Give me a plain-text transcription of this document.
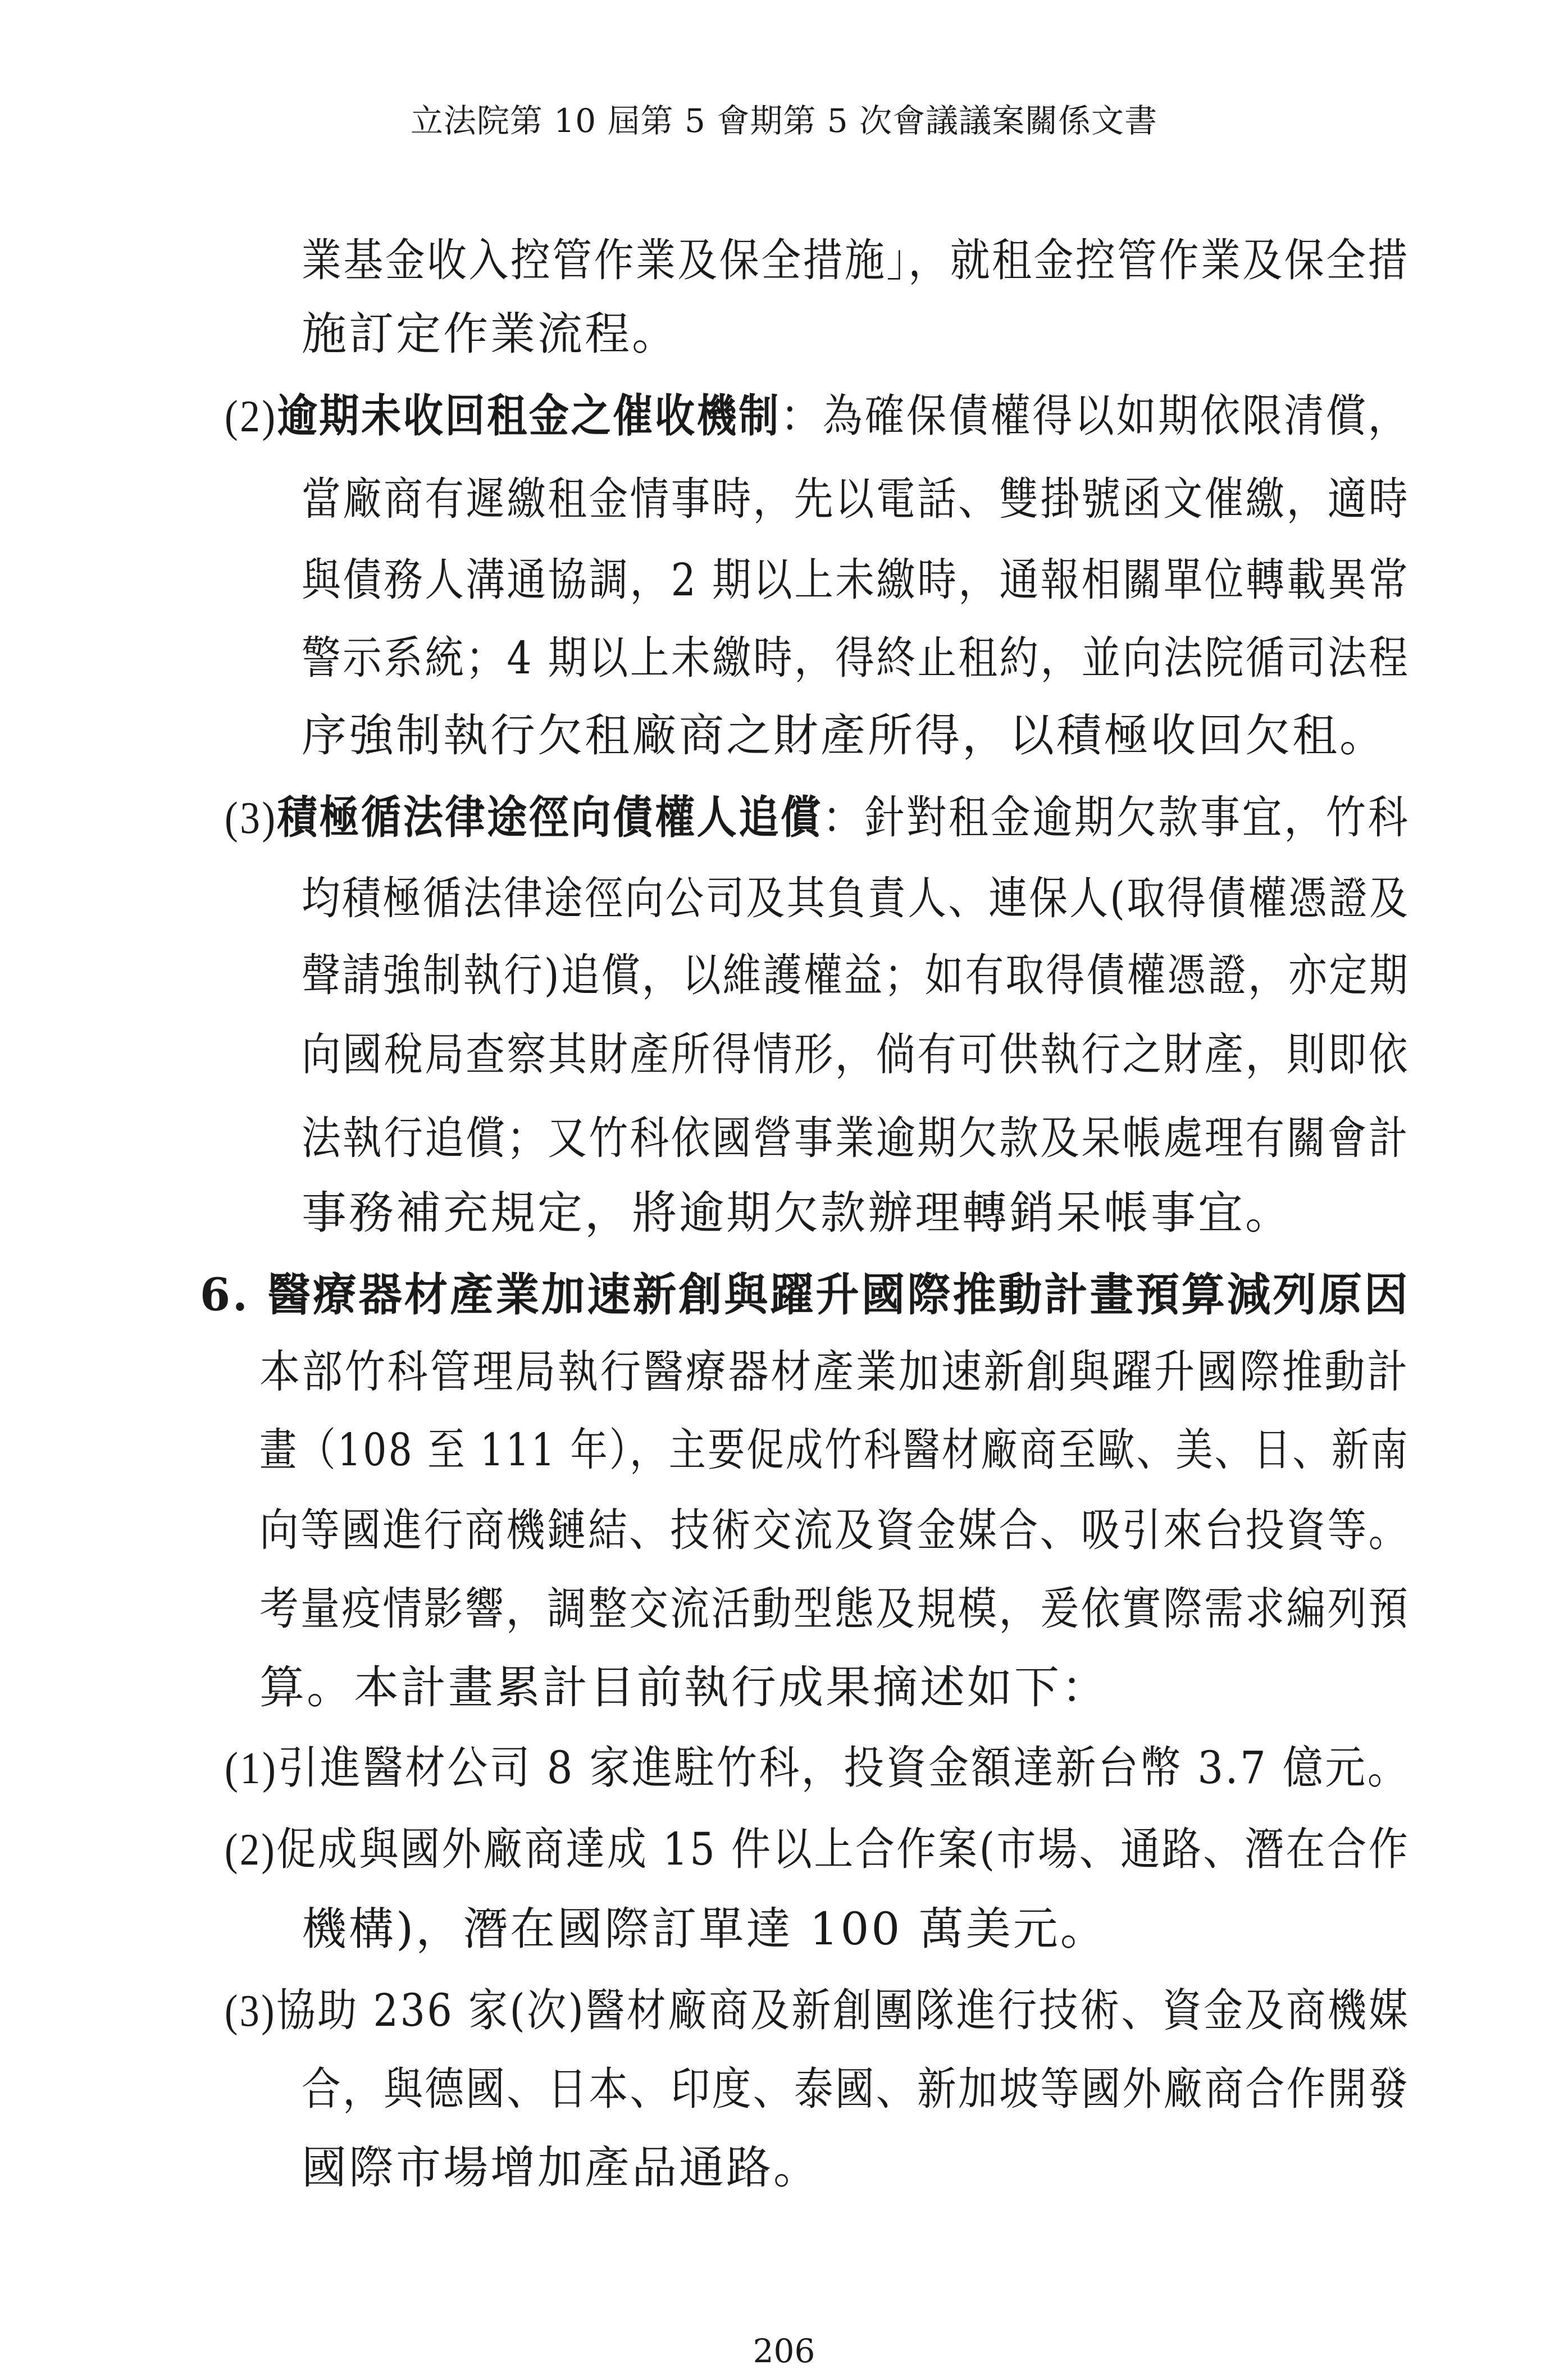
立法院第 10 屆第 5 會期第 5 次會議議案關係文書
業基金收入控管作業及保全措施」，就租金控管作業及保全措
施訂定作業流程。
(2)逾期未收回租金之催收機制：為確保債權得以如期依限清償，
當廠商有遲繳租金情事時，先以電話、雙掛號函文催繳，適時
與債務人溝通協調，2 期以上未繳時，通報相關單位轉載異常
警示系統；4 期以上未繳時，得終止租約，並向法院循司法程
序強制執行欠租廠商之財產所得，以積極收回欠租。
(3)積極循法律途徑向債權人追償：針對租金逾期欠款事宜，竹科
均積極循法律途徑向公司及其負責人、連保人(取得債權憑證及
聲請強制執行)追償，以維護權益；如有取得債權憑證，亦定期
向國稅局查察其財產所得情形，倘有可供執行之財產，則即依
法執行追償；又竹科依國營事業逾期欠款及呆帳處理有關會計
事務補充規定，將逾期欠款辦理轉銷呆帳事宜。
6. 醫療器材產業加速新創與躍升國際推動計畫預算減列原因
本部竹科管理局執行醫療器材產業加速新創與躍升國際推動計
畫（108 至 111 年），主要促成竹科醫材廠商至歐、美、日、新南
向等國進行商機鏈結、技術交流及資金媒合、吸引來台投資等。
考量疫情影響，調整交流活動型態及規模，爰依實際需求編列預
算。本計畫累計目前執行成果摘述如下：
(1)引進醫材公司 8 家進駐竹科，投資金額達新台幣 3.7 億元。
(2)促成與國外廠商達成 15 件以上合作案(市場、通路、潛在合作
機構)，潛在國際訂單達 100 萬美元。
(3)協助 236 家(次)醫材廠商及新創團隊進行技術、資金及商機媒
合，與德國、日本、印度、泰國、新加坡等國外廠商合作開發
國際市場增加產品通路。
206
